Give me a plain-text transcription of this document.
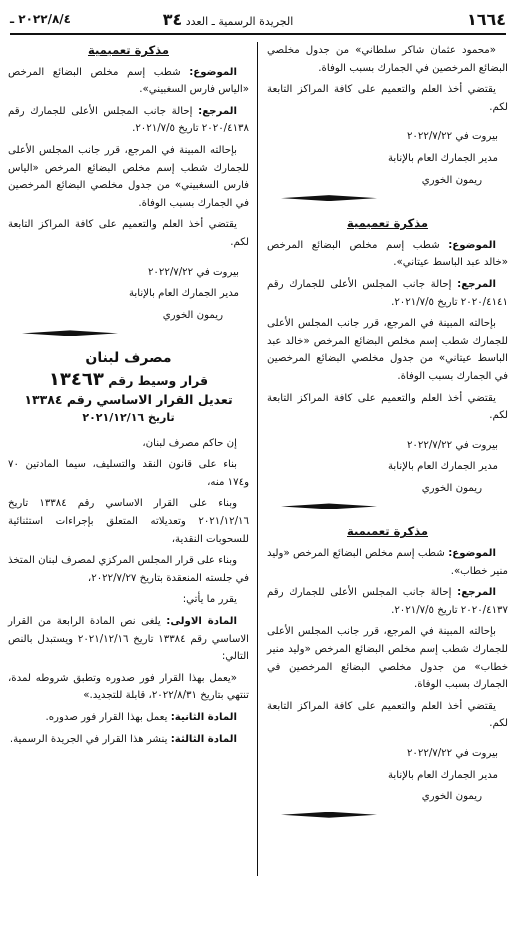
٢٠٢٢/٨/٤ ـ	الجريدة الرسمية ـ العدد ٣٤	١٦٦٤

«محمود عثمان شاكر سلطاني» من جدول مخلصي البضائع المرخصين في الجمارك بسبب الوفاة.

يقتضي أخذ العلم والتعميم على كافة المراكز التابعة لكم.

بيروت في ٢٠٢٢/٧/٢٢

مدير الجمارك العام بالإنابة

ريمون الخوري

مذكرة تعميمية

الموضوع: شطب إسم مخلص البضائع المرخص «خالد عبد الباسط عيتاني».

المرجع: إحالة جانب المجلس الأعلى للجمارك رقم ٢٠٢٠/٤١٤١ تاريخ ٢٠٢١/٧/٥.

بإحالته المبينة في المرجع، قرر جانب المجلس الأعلى للجمارك شطب إسم مخلص البضائع المرخص «خالد عبد الباسط عيتاني» من جدول مخلصي البضائع المرخصين في الجمارك بسبب الوفاة.

يقتضي أخذ العلم والتعميم على كافة المراكز التابعة لكم.

بيروت في ٢٠٢٢/٧/٢٢

مدير الجمارك العام بالإنابة

ريمون الخوري

مذكرة تعميمية

الموضوع: شطب إسم مخلص البضائع المرخص «وليد منير خطاب».

المرجع: إحالة جانب المجلس الأعلى للجمارك رقم ٢٠٢٠/٤١٣٧ تاريخ ٢٠٢١/٧/٥.

بإحالته المبينة في المرجع، قرر جانب المجلس الأعلى للجمارك شطب إسم مخلص البضائع المرخص «وليد منير خطاب» من جدول مخلصي البضائع المرخصين في الجمارك بسبب الوفاة.

يقتضي أخذ العلم والتعميم على كافة المراكز التابعة لكم.

بيروت في ٢٠٢٢/٧/٢٢

مدير الجمارك العام بالإنابة

ريمون الخوري

مذكرة تعميمية

الموضوع: شطب إسم مخلص البضائع المرخص «الياس فارس السغبيني».

المرجع: إحالة جانب المجلس الأعلى للجمارك رقم ٢٠٢٠/٤١٣٨ تاريخ ٢٠٢١/٧/٥.

بإحالته المبينة في المرجع، قرر جانب المجلس الأعلى للجمارك شطب إسم مخلص البضائع المرخص «الياس فارس السغبيني» من جدول مخلصي البضائع المرخصين في الجمارك بسبب الوفاة.

يقتضي أخذ العلم والتعميم على كافة المراكز التابعة لكم.

بيروت في ٢٠٢٢/٧/٢٢

مدير الجمارك العام بالإنابة

ريمون الخوري

مصرف لبنان
قرار وسيط رقم ١٣٤٦٣
تعديل القرار الاساسي رقم ١٣٣٨٤
تاريخ ٢٠٢١/١٢/١٦

إن حاكم مصرف لبنان،

بناء على قانون النقد والتسليف، سيما المادتين ٧٠ و١٧٤ منه،

وبناء على القرار الاساسي رقم ١٣٣٨٤ تاريخ ٢٠٢١/١٢/١٦ وتعديلاته المتعلق بإجراءات استثنائية للسحوبات النقدية،

وبناء على قرار المجلس المركزي لمصرف لبنان المتخذ في جلسته المنعقدة بتاريخ ٢٠٢٢/٧/٢٧،

يقرر ما يأتي:

المادة الاولى: يلغى نص المادة الرابعة من القرار الاساسي رقم ١٣٣٨٤ تاريخ ٢٠٢١/١٢/١٦ ويستبدل بالنص التالي:

«يعمل بهذا القرار فور صدوره وتطبق شروطه لمدة، تنتهي بتاريخ ٢٠٢٢/٨/٣١، قابلة للتجديد.»

المادة الثانية: يعمل بهذا القرار فور صدوره.

المادة الثالثة: ينشر هذا القرار في الجريدة الرسمية.
